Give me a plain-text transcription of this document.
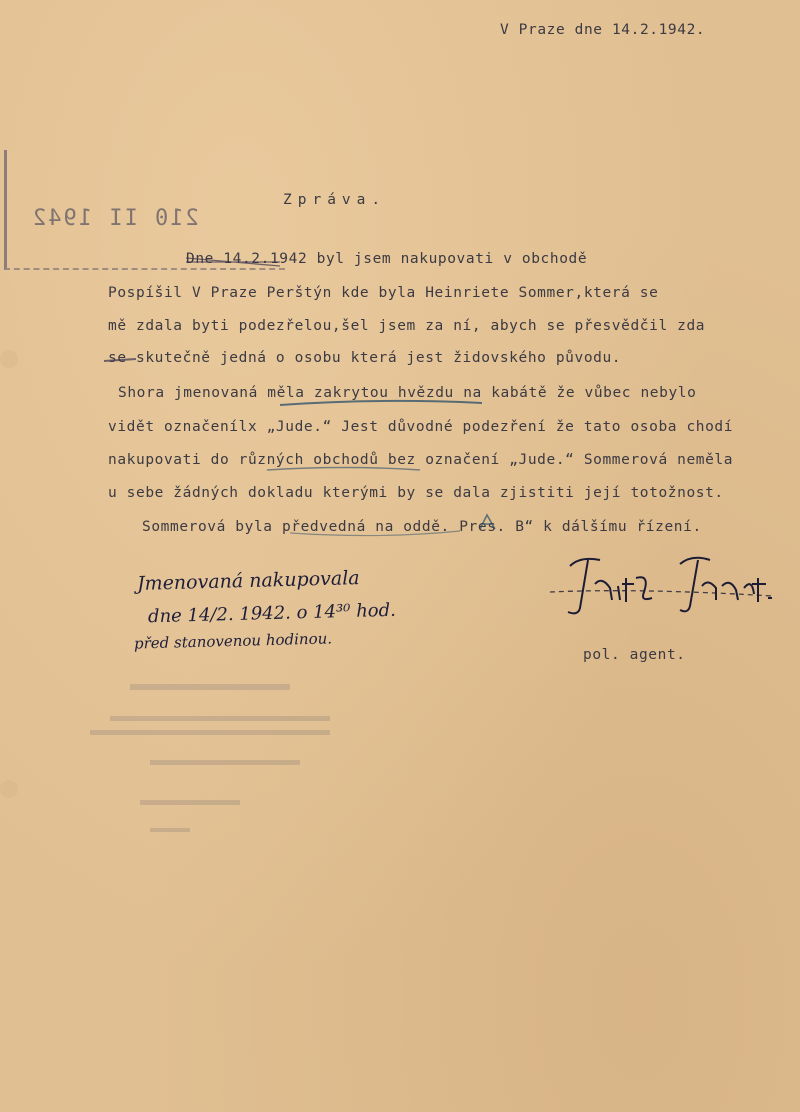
V Praze dne 14.2.1942.
210 II 1942
Zpráva.
Dne 14.2.1942 byl jsem nakupovati v obchodě
Pospíšil V Praze Perštýn kde byla Heinriete Sommer,která se
mě zdala byti podezřelou,šel jsem za ní, abych se přesvědčil zda
se skutečně jedná o osobu která jest židovského původu.
Shora jmenovaná měla zakrytou hvězdu na kabátě že vůbec nebylo
vidět označenílx „Jude.“ Jest důvodné podezření že tato osoba chodí
nakupovati do různých obchodů bez označení „Jude.“ Sommerová neměla
u sebe žádných dokladu kterými by se dala zjistiti její totožnost.
Sommerová byla předvedná na oddě. Pres. B“ k dálšímu řízení.
Jmenovaná nakupovala
dne 14/2. 1942. o 14³⁰ hod.
před stanovenou hodinou.
pol. agent.
